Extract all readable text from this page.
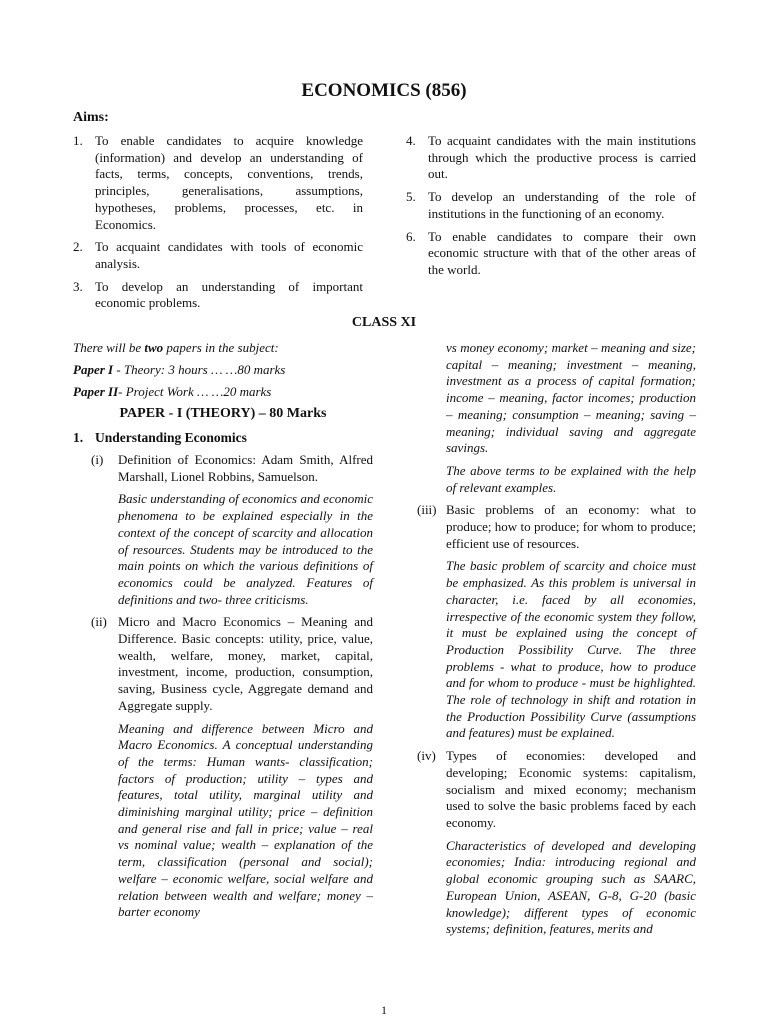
ECONOMICS (856)
Aims:
1. To enable candidates to acquire knowledge (information) and develop an understanding of facts, terms, concepts, conventions, trends, principles, generalisations, assumptions, hypotheses, problems, processes, etc. in Economics.

2. To acquaint candidates with tools of economic analysis.

3. To develop an understanding of important economic problems.

4. To acquaint candidates with the main institutions through which the productive process is carried out.

5. To develop an understanding of the role of institutions in the functioning of an economy.

6. To enable candidates to compare their own economic structure with that of the other areas of the world.

CLASS XI

There will be two papers in the subject:

Paper I - Theory: 3 hours … …80 marks

Paper II- Project Work … …20 marks

PAPER - I (THEORY) – 80 Marks
1. Understanding Economics
(i) Definition of Economics: Adam Smith, Alfred Marshall, Lionel Robbins, Samuelson.

Basic understanding of economics and economic phenomena to be explained especially in the context of the concept of scarcity and allocation of resources. Students may be introduced to the main points on which the various definitions of economics could be analyzed. Features of definitions and two- three criticisms.

(ii) Micro and Macro Economics – Meaning and Difference. Basic concepts: utility, price, value, wealth, welfare, money, market, capital, investment, income, production, consumption, saving, Business cycle, Aggregate demand and Aggregate supply.

Meaning and difference between Micro and Macro Economics. A conceptual understanding of the terms: Human wants- classification; factors of production; utility – types and features, total utility, marginal utility and diminishing marginal utility; price – definition and general rise and fall in price; value – real vs nominal value; wealth – explanation of the term, classification (personal and social); welfare – economic welfare, social welfare and relation between wealth and welfare; money – barter economy

vs money economy; market – meaning and size; capital – meaning; investment – meaning, investment as a process of capital formation; income – meaning, factor incomes; production – meaning; consumption – meaning; saving – meaning; individual saving and aggregate savings.

The above terms to be explained with the help of relevant examples.

(iii) Basic problems of an economy: what to produce; how to produce; for whom to produce; efficient use of resources.

The basic problem of scarcity and choice must be emphasized. As this problem is universal in character, i.e. faced by all economies, irrespective of the economic system they follow, it must be explained using the concept of Production Possibility Curve. The three problems - what to produce, how to produce and for whom to produce - must be highlighted. The role of technology in shift and rotation in the Production Possibility Curve (assumptions and features) must be explained.

(iv) Types of economies: developed and developing; Economic systems: capitalism, socialism and mixed economy; mechanism used to solve the basic problems faced by each economy.

Characteristics of developed and developing economies; India: introducing regional and global economic grouping such as SAARC, European Union, ASEAN, G-8, G-20 (basic knowledge); different types of economic systems; definition, features, merits and

1
